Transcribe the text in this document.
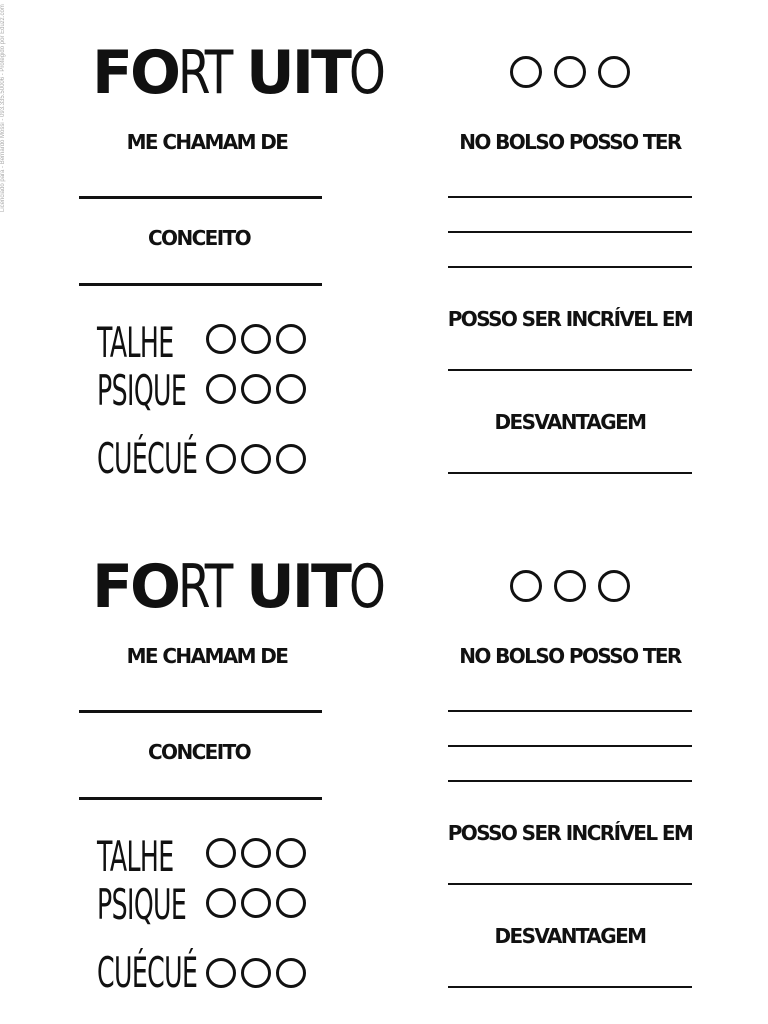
Licenciado para - Bernardo Mossi - 093.335.50006 - Protegido por Eduzz.com FO RT U IT O
ME CHAMAM DE
CONCEITO
TALHE
PSIQUE
CUÉCUÉ
NO BOLSO POSSO TER
POSSO SER INCRÍVEL EM
DESVANTAGEM
FO RT U IT O
ME CHAMAM DE
CONCEITO
TALHE
PSIQUE
CUÉCUÉ
NO BOLSO POSSO TER
POSSO SER INCRÍVEL EM
DESVANTAGEM
